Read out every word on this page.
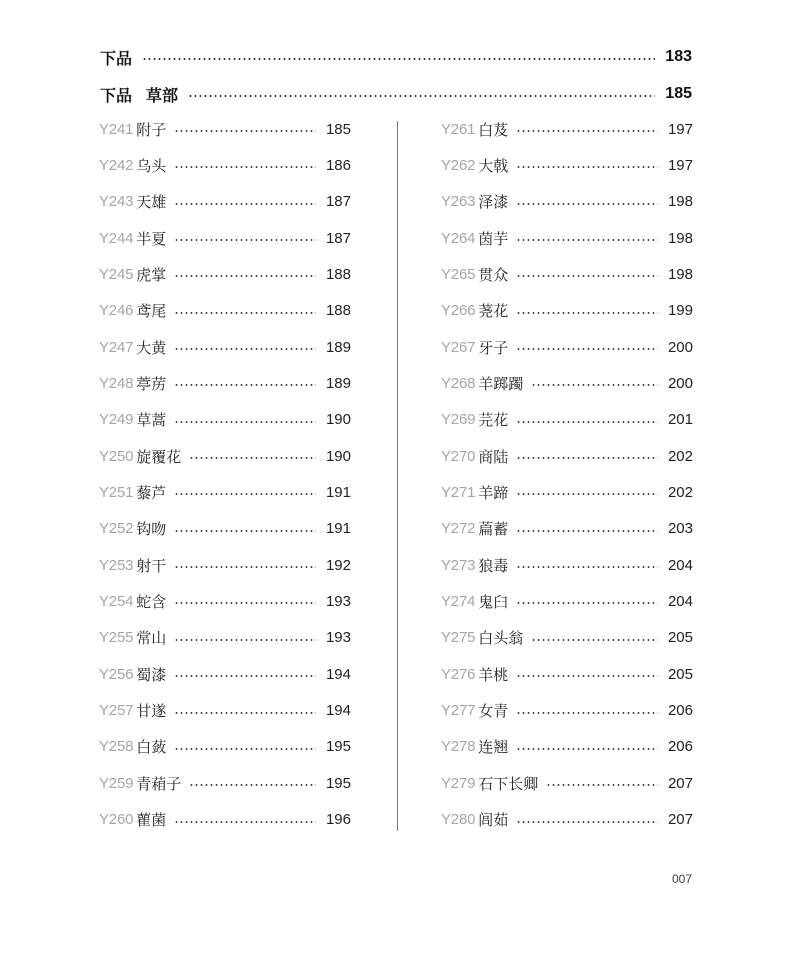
下品	183
下品 草部	185
Y241 附子	185
Y242 乌头	186
Y243 天雄	187
Y244 半夏	187
Y245 虎掌	188
Y246 鸢尾	188
Y247 大黄	189
Y248 葶苈	189
Y249 草蒿	190
Y250 旋覆花	190
Y251 藜芦	191
Y252 钩吻	191
Y253 射干	192
Y254 蛇含	193
Y255 常山	193
Y256 蜀漆	194
Y257 甘遂	194
Y258 白蔹	195
Y259 青葙子	195
Y260 雚菌	196
Y261 白芨	197
Y262 大戟	197
Y263 泽漆	198
Y264 茵芋	198
Y265 贯众	198
Y266 荛花	199
Y267 牙子	200
Y268 羊踯躅	200
Y269 芫花	201
Y270 商陆	202
Y271 羊蹄	202
Y272 萹蓄	203
Y273 狼毒	204
Y274 鬼臼	204
Y275 白头翁	205
Y276 羊桃	205
Y277 女青	206
Y278 连翘	206
Y279 石下长卿	207
Y280 闾茹	207
007
